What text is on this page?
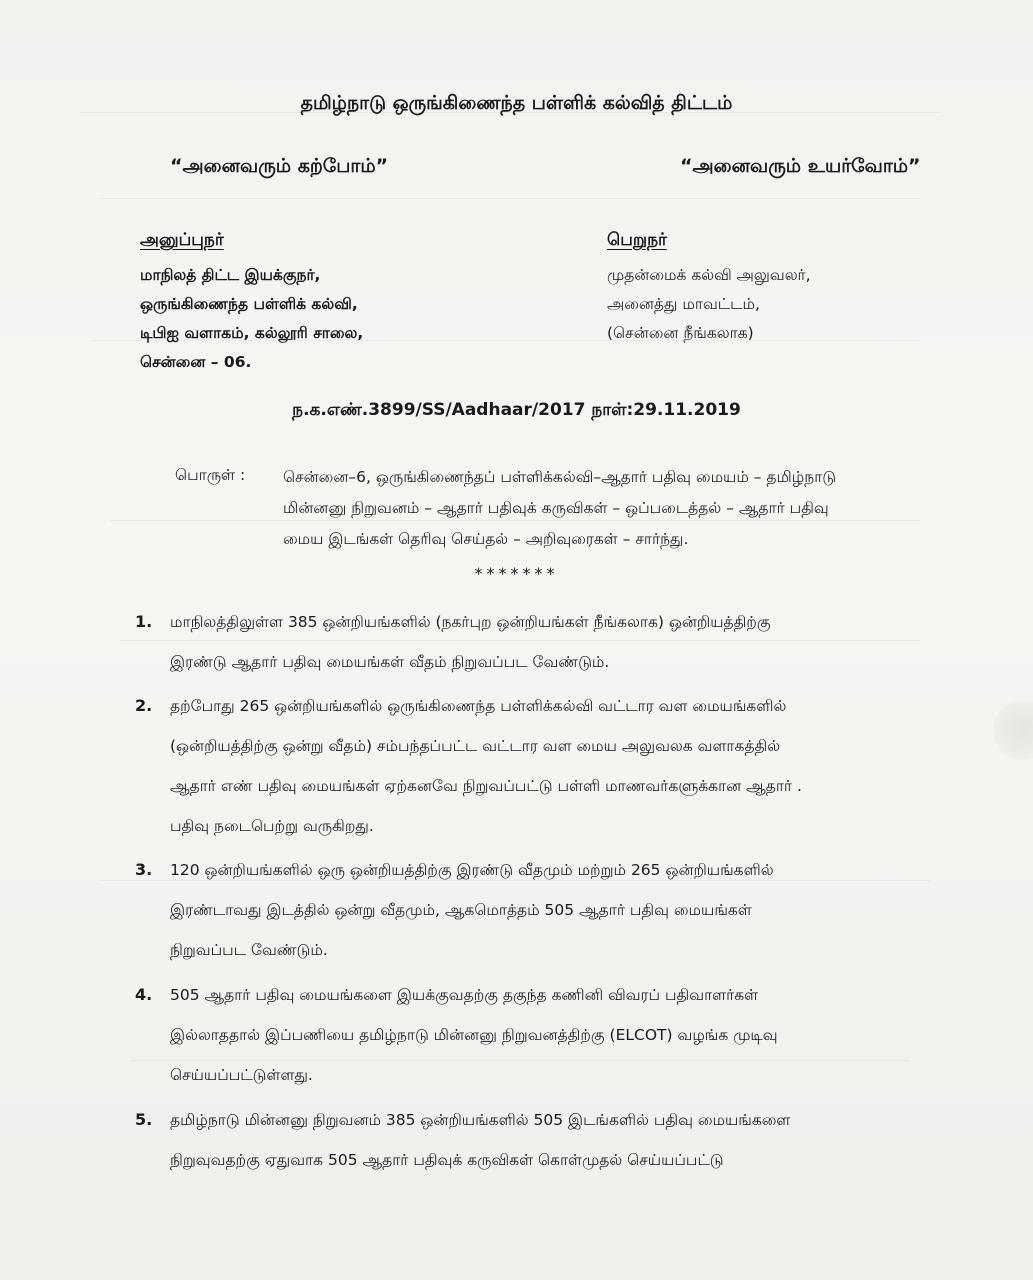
தமிழ்நாடு ஒருங்கிணைந்த பள்ளிக் கல்வித் திட்டம்
“அனைவரும் கற்போம்”	“அனைவரும் உயர்வோம்”
அனுப்புநர்	பெறுநர்
மாநிலத் திட்ட இயக்குநர்,
ஒருங்கிணைந்த பள்ளிக் கல்வி,
டிபிஐ வளாகம், கல்லூரி சாலை,
சென்னை – 06.
முதன்மைக் கல்வி அலுவலர்,
அனைத்து மாவட்டம்,
(சென்னை நீங்கலாக)
ந.க.எண்.3899/SS/Aadhaar/2017 நாள்:29.11.2019
பொருள் : சென்னை–6, ஒருங்கிணைந்தப் பள்ளிக்கல்வி–ஆதார் பதிவு மையம் – தமிழ்நாடு
மின்னனு நிறுவனம் – ஆதார் பதிவுக் கருவிகள் – ஒப்படைத்தல் – ஆதார் பதிவு
மைய இடங்கள் தெரிவு செய்தல் – அறிவுரைகள் – சார்ந்து.
*******
1. மாநிலத்திலுள்ள 385 ஒன்றியங்களில் (நகர்புற ஒன்றியங்கள் நீங்கலாக) ஒன்றியத்திற்கு
இரண்டு ஆதார் பதிவு மையங்கள் வீதம் நிறுவப்பட வேண்டும்.
2. தற்போது 265 ஒன்றியங்களில் ஒருங்கிணைந்த பள்ளிக்கல்வி வட்டார வள மையங்களில்
(ஒன்றியத்திற்கு ஒன்று வீதம்) சம்பந்தப்பட்ட வட்டார வள மைய அலுவலக வளாகத்தில்
ஆதார் எண் பதிவு மையங்கள் ஏற்கனவே நிறுவப்பட்டு பள்ளி மாணவர்களுக்கான ஆதார் .
பதிவு நடைபெற்று வருகிறது.
3. 120 ஒன்றியங்களில் ஒரு ஒன்றியத்திற்கு இரண்டு வீதமும் மற்றும் 265 ஒன்றியங்களில்
இரண்டாவது இடத்தில் ஒன்று வீதமும், ஆகமொத்தம் 505 ஆதார் பதிவு மையங்கள்
நிறுவப்பட வேண்டும்.
4. 505 ஆதார் பதிவு மையங்களை இயக்குவதற்கு தகுந்த கணினி விவரப் பதிவாளர்கள்
இல்லாததால் இப்பணியை தமிழ்நாடு மின்னனு நிறுவனத்திற்கு (ELCOT) வழங்க முடிவு
செய்யப்பட்டுள்ளது.
5. தமிழ்நாடு மின்னனு நிறுவனம் 385 ஒன்றியங்களில் 505 இடங்களில் பதிவு மையங்களை
நிறுவுவதற்கு ஏதுவாக 505 ஆதார் பதிவுக் கருவிகள் கொள்முதல் செய்யப்பட்டு
